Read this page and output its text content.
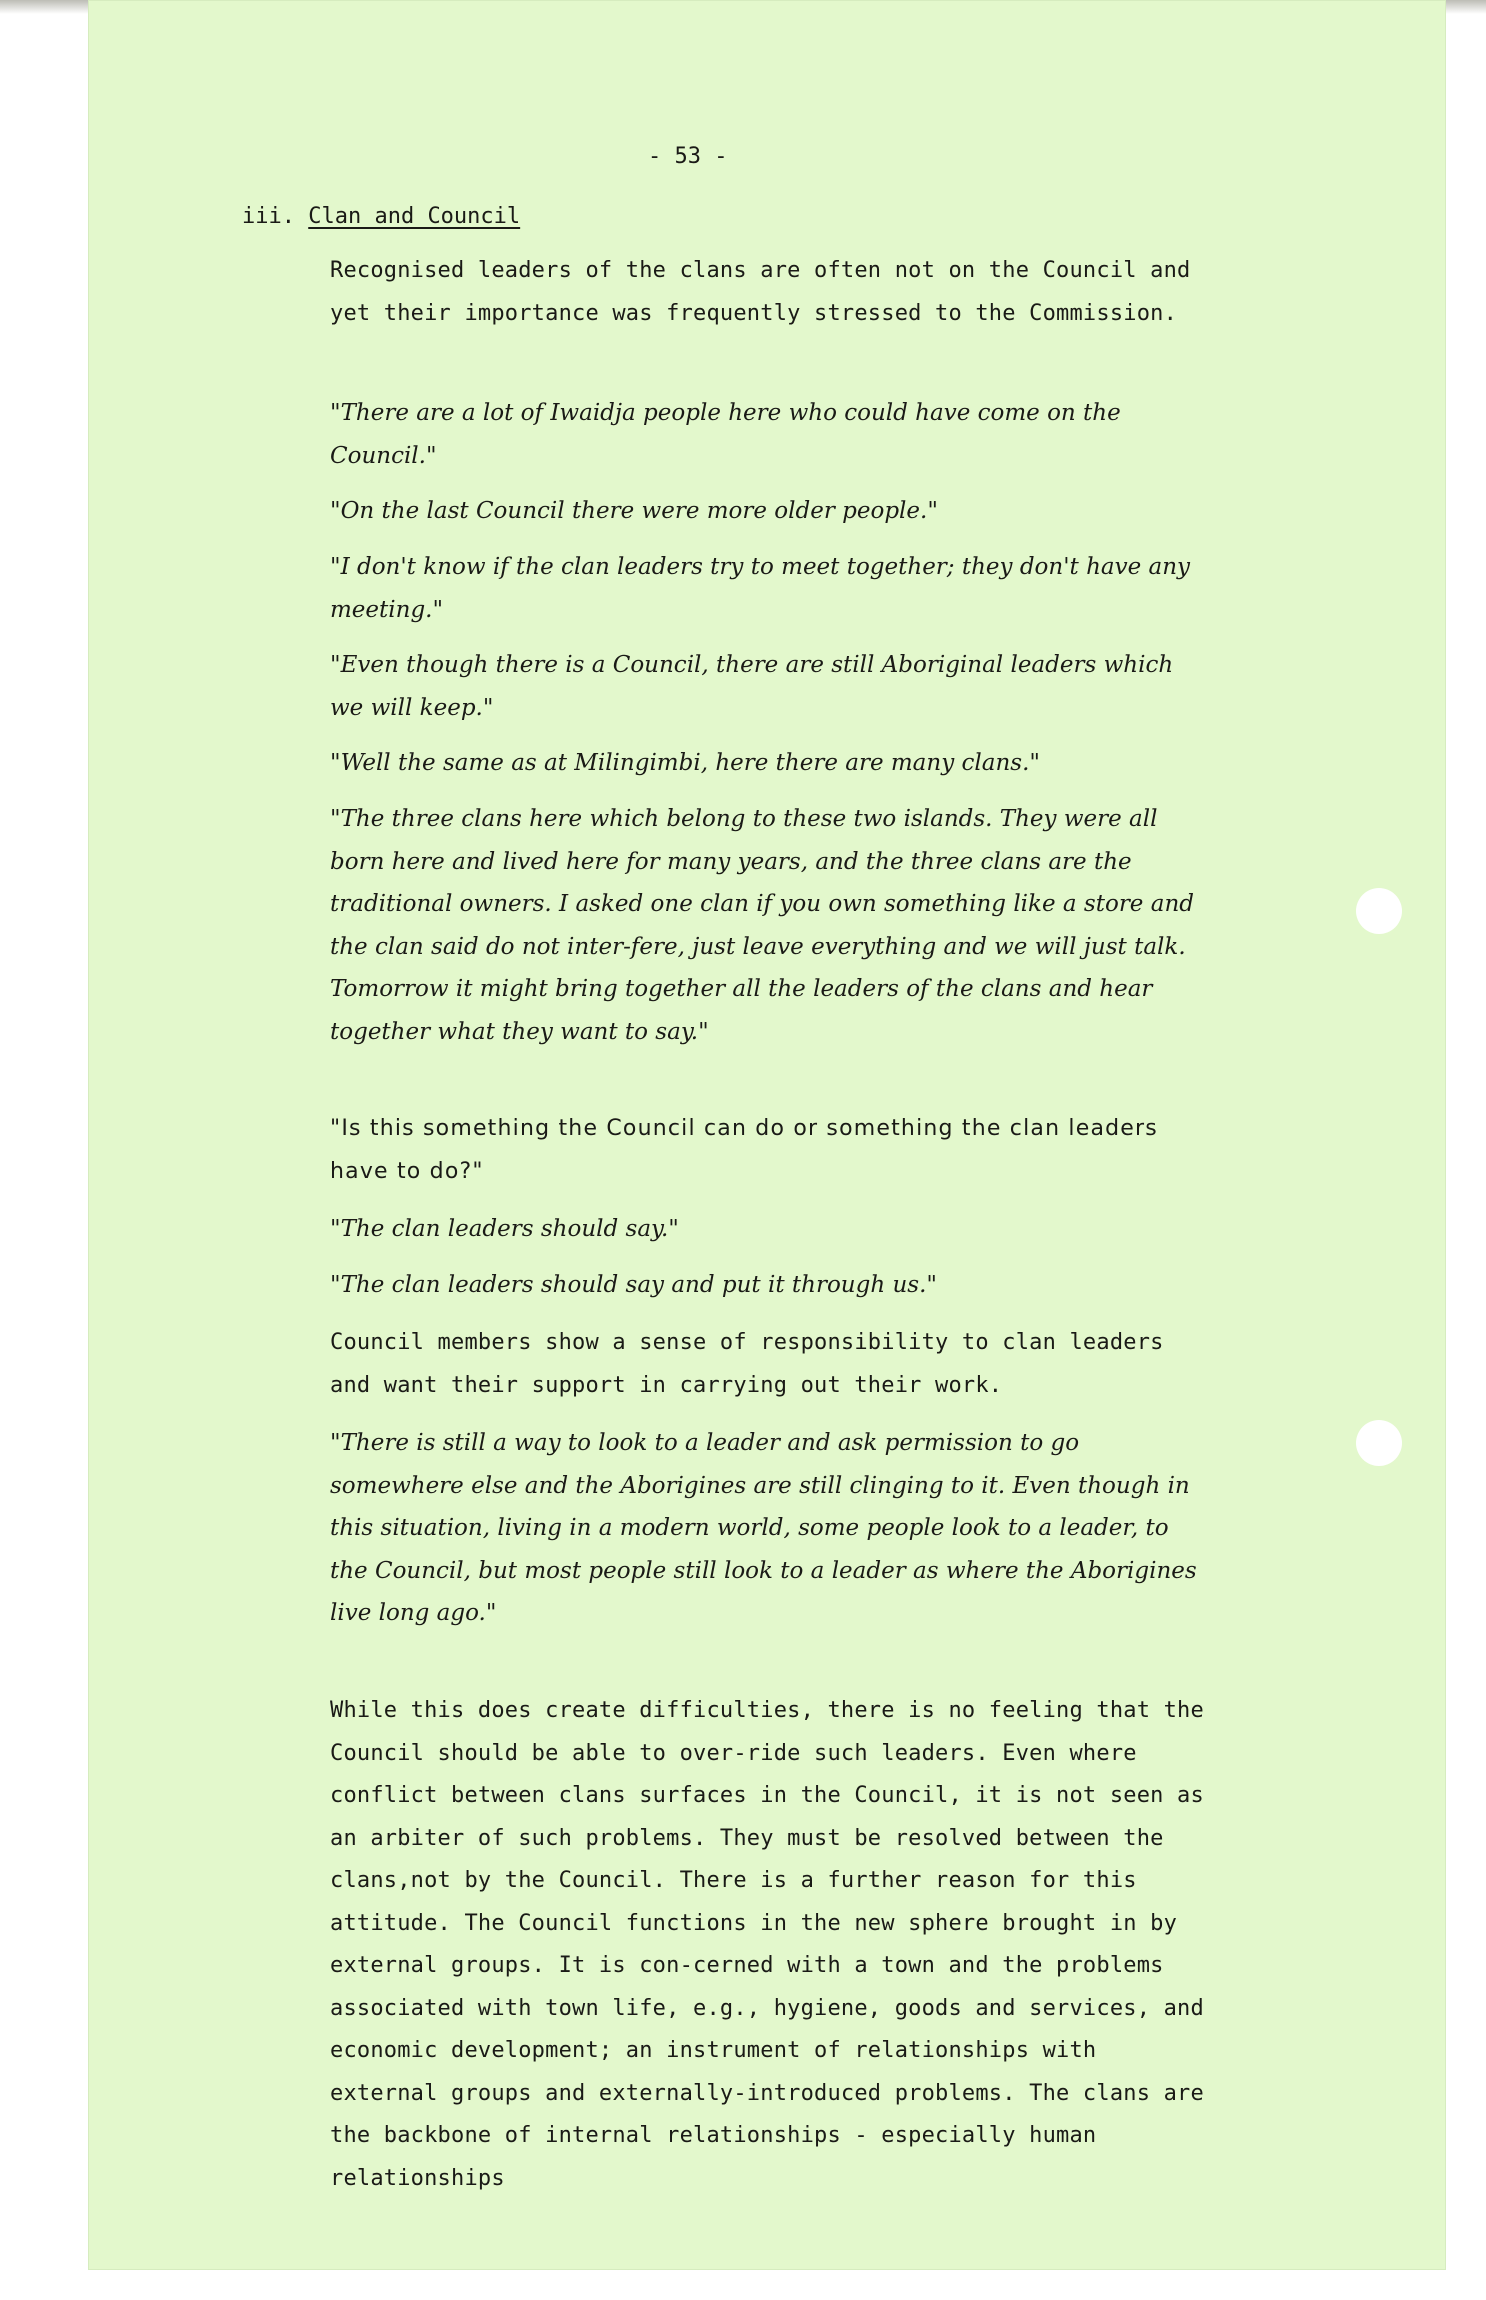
- 53 -
iii. Clan and Council

Recognised leaders of the clans are often not on the Council and yet their importance was frequently stressed to the Commission.

"There are a lot of Iwaidja people here who could have come on the Council."

"On the last Council there were more older people."

"I don't know if the clan leaders try to meet together; they don't have any meeting."

"Even though there is a Council, there are still Aboriginal leaders which we will keep."

"Well the same as at Milingimbi, here there are many clans."

"The three clans here which belong to these two islands. They were all born here and lived here for many years, and the three clans are the traditional owners. I asked one clan if you own something like a store and the clan said do not inter-fere, just leave everything and we will just talk. Tomorrow it might bring together all the leaders of the clans and hear together what they want to say."

"Is this something the Council can do or something the clan leaders have to do?"

"The clan leaders should say."

"The clan leaders should say and put it through us."

Council members show a sense of responsibility to clan leaders and want their support in carrying out their work.

"There is still a way to look to a leader and ask permission to go somewhere else and the Aborigines are still clinging to it. Even though in this situation, living in a modern world, some people look to a leader, to the Council, but most people still look to a leader as where the Aborigines live long ago."

While this does create difficulties, there is no feeling that the Council should be able to over-ride such leaders. Even where conflict between clans surfaces in the Council, it is not seen as an arbiter of such problems. They must be resolved between the clans,not by the Council. There is a further reason for this attitude. The Council functions in the new sphere brought in by external groups. It is con-cerned with a town and the problems associated with town life, e.g., hygiene, goods and services, and economic development; an instrument of relationships with external groups and externally-introduced problems. The clans are the backbone of internal relationships - especially human relationships
